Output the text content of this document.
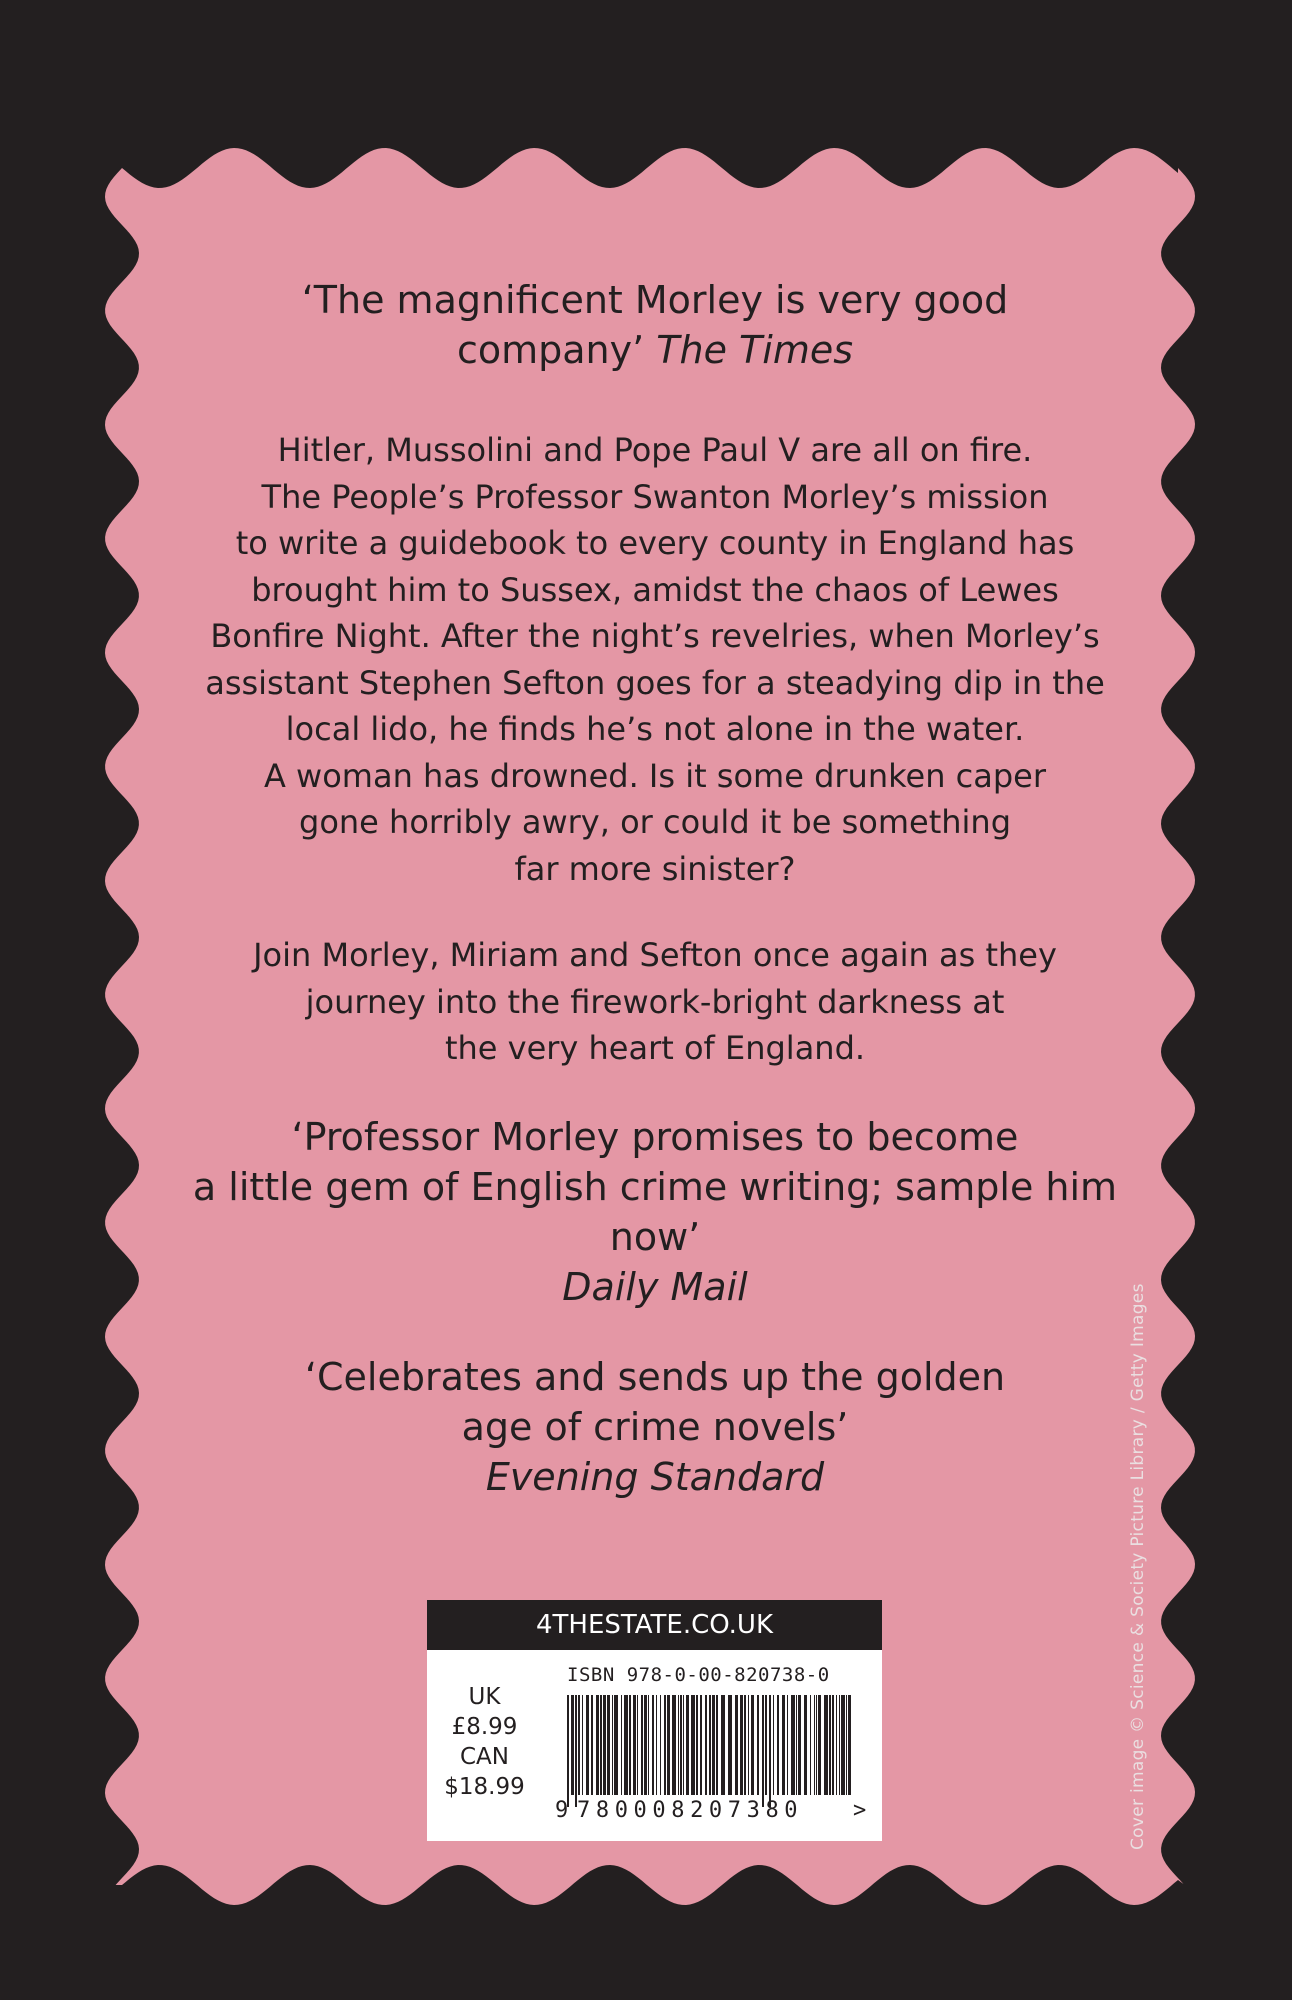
‘The magnificent Morley is very good
company’ The Times

Hitler, Mussolini and Pope Paul V are all on fire.
The People’s Professor Swanton Morley’s mission
to write a guidebook to every county in England has
brought him to Sussex, amidst the chaos of Lewes
Bonfire Night. After the night’s revelries, when Morley’s
assistant Stephen Sefton goes for a steadying dip in the
local lido, he finds he’s not alone in the water.
A woman has drowned. Is it some drunken caper
gone horribly awry, or could it be something
far more sinister?

Join Morley, Miriam and Sefton once again as they
journey into the firework-bright darkness at
the very heart of England.

‘Professor Morley promises to become
a little gem of English crime writing; sample him now’
Daily Mail

‘Celebrates and sends up the golden
age of crime novels’
Evening Standard

4THESTATE.CO.UK
UK
£8.99
CAN
$18.99
ISBN 978-0-00-820738-0
9 780008207380 >	Cover image © Science & Society Picture Library / Getty Images
